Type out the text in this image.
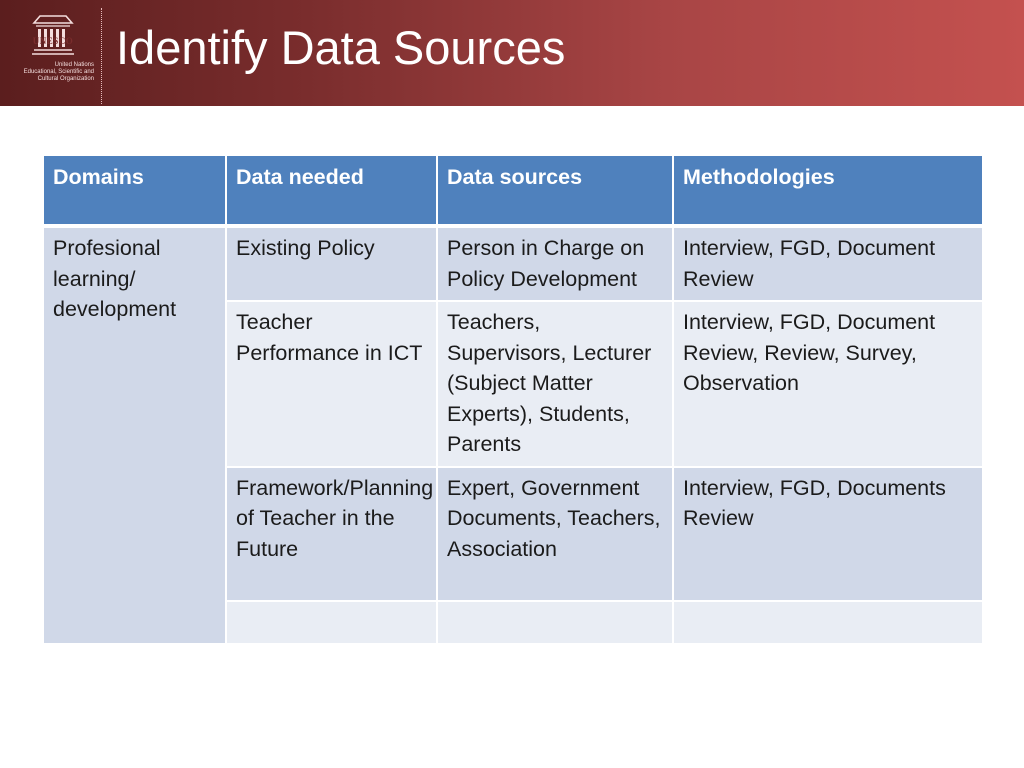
UNESCO
United Nations
Educational, Scientific and
Cultural Organization
Identify Data Sources
Domains	Data needed	Data sources	Methodologies
Profesional learning/ development	Existing Policy	Person in Charge on Policy Development	Interview, FGD, Document Review
	Teacher Performance in ICT	Teachers, Supervisors, Lecturer (Subject Matter Experts), Students, Parents	Interview, FGD, Document Review, Review, Survey, Observation
	Framework/Planning of Teacher in the Future	Expert, Government Documents, Teachers, Association	Interview, FGD, Documents Review
